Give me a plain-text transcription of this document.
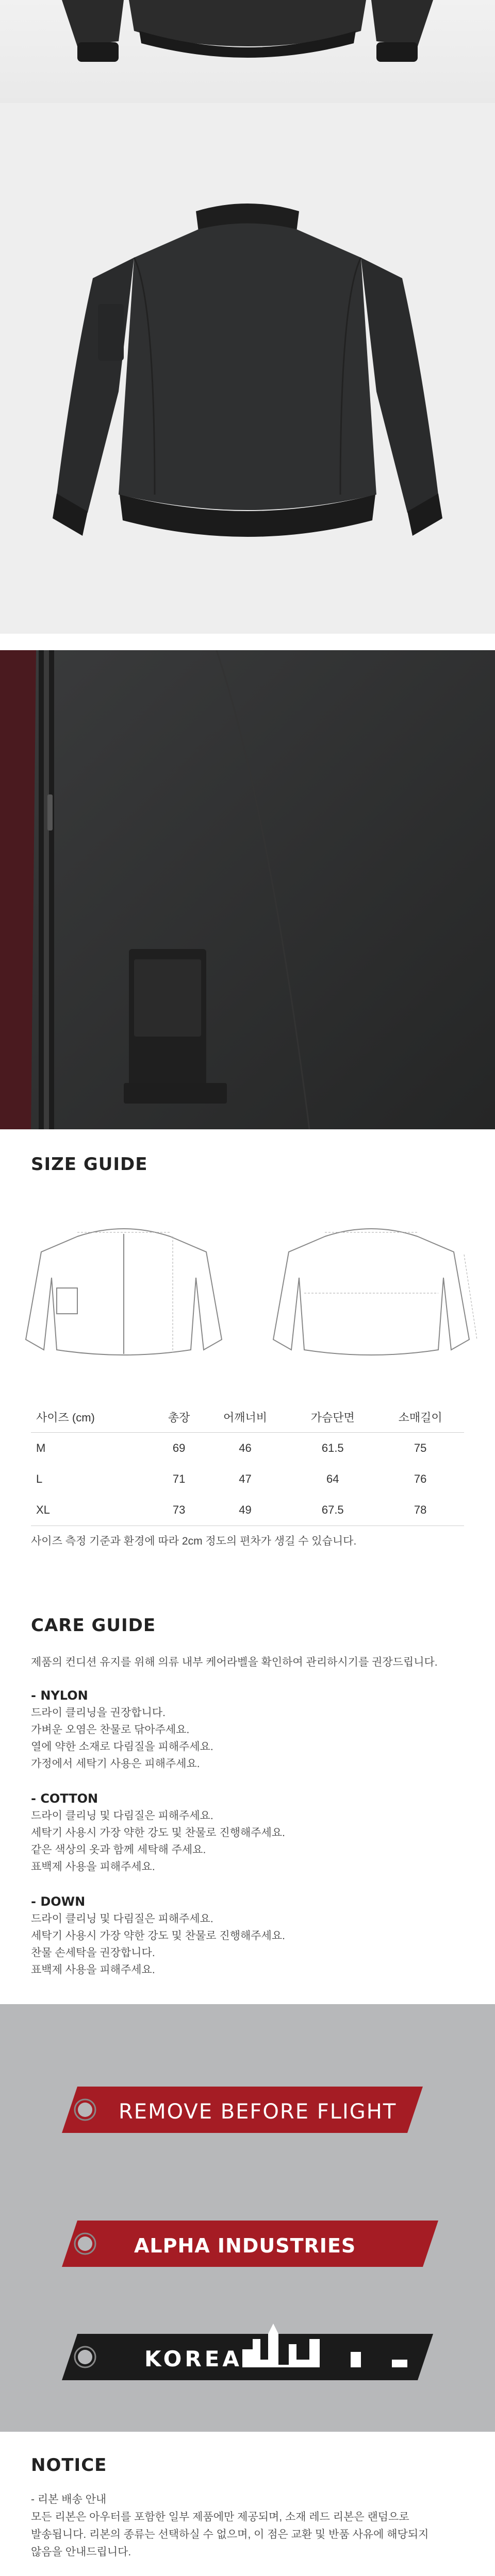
SIZE GUIDE
사이즈 (cm)	총장	어깨너비	가슴단면	소매길이
M	69	46	61.5	75
L	71	47	64	76
XL	73	49	67.5	78
사이즈 측정 기준과 환경에 따라 2cm 정도의 편차가 생길 수 있습니다.
CARE GUIDE
제품의 컨디션 유지를 위해 의류 내부 케어라벨을 확인하여 관리하시기를 권장드립니다.
- NYLON
드라이 클리닝을 권장합니다.
가벼운 오염은 찬물로 닦아주세요.
열에 약한 소재로 다림질을 피해주세요.
가정에서 세탁기 사용은 피해주세요.
- COTTON
드라이 클리닝 및 다림질은 피해주세요.
세탁기 사용시 가장 약한 강도 및 찬물로 진행해주세요.
같은 색상의 옷과 함께 세탁해 주세요.
표백제 사용을 피해주세요.
- DOWN
드라이 클리닝 및 다림질은 피해주세요.
세탁기 사용시 가장 약한 강도 및 찬물로 진행해주세요.
찬물 손세탁을 권장합니다.
표백제 사용을 피해주세요.
REMOVE BEFORE FLIGHT
ALPHA INDUSTRIES
KOREA
NOTICE
- 리본 배송 안내
모든 리본은 아우터를 포함한 일부 제품에만 제공되며, 소재 레드 리본은 랜덤으로
발송됩니다. 리본의 종류는 선택하실 수 없으며, 이 점은 교환 및 반품 사유에 해당되지
않음을 안내드립니다.
